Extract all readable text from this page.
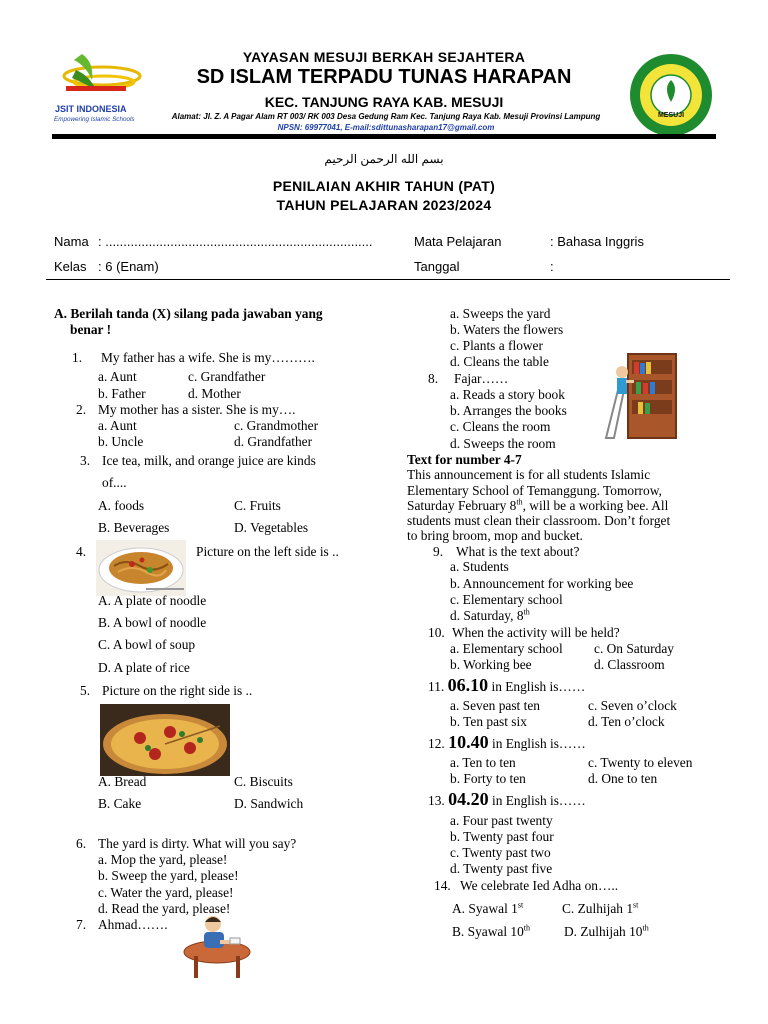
JSIT INDONESIA
Empowering Islamic Schools
YAYASAN MESUJI BERKAH SEJAHTERA
SD ISLAM TERPADU TUNAS HARAPAN
KEC. TANJUNG RAYA KAB. MESUJI
Alamat: Jl. Z. A Pagar Alam RT 003/ RK 003 Desa Gedung Ram Kec. Tanjung Raya Kab. Mesuji Provinsi Lampung
NPSN: 69977041, E-mail:sdittunasharapan17@gmail.com
MESUJI
بسم الله الرحمن الرحيم
PENILAIAN AKHIR TAHUN (PAT)
TAHUN PELAJARAN 2023/2024
Nama : ..........................................................................
Kelas : 6 (Enam)
Mata Pelajaran	: Bahasa Inggris
Tanggal	:
A. Berilah tanda (X) silang pada jawaban yang
benar !
1. My father has a wife. She is my……….
a. Aunt	c. Grandfather
b. Father	d. Mother
2. My mother has a sister. She is my….
a. Aunt	c. Grandmother
b. Uncle	d. Grandfather
3. Ice tea, milk, and orange juice are kinds
of....
A. foods	C. Fruits
B. Beverages	D. Vegetables
4.	Picture on the left side is ..
A. A plate of noodle
B. A bowl of noodle
C. A bowl of soup
D. A plate of rice
5. Picture on the right side is ..
A. Bread	C. Biscuits
B. Cake	D. Sandwich
6. The yard is dirty. What will you say?
a. Mop the yard, please!
b. Sweep the yard, please!
c. Water the yard, please!
d. Read the yard, please!
7. Ahmad…….
a. Sweeps the yard
b. Waters the flowers
c. Plants a flower
d. Cleans the table
8. Fajar……
a. Reads a story book
b. Arranges the books
c. Cleans the room
d. Sweeps the room
Text for number 4-7
This announcement is for all students Islamic
Elementary School of Temanggung. Tomorrow,
Saturday February 8th, will be a working bee. All
students must clean their classroom. Don’t forget
to bring broom, mop and bucket.
9. What is the text about?
a. Students
b. Announcement for working bee
c. Elementary school
d. Saturday, 8th
10. When the activity will be held?
a. Elementary school c. On Saturday
b. Working bee	d. Classroom
11. 06.10 in English is……
a. Seven past ten	c. Seven o’clock
b. Ten past six	d. Ten o’clock
12. 10.40 in English is……
a. Ten to ten	c. Twenty to eleven
b. Forty to ten	d. One to ten
13. 04.20 in English is……
a. Four past twenty
b. Twenty past four
c. Twenty past two
d. Twenty past five
14. We celebrate Ied Adha on…..
A. Syawal 1st	C. Zulhijah 1st
B. Syawal 10th	D. Zulhijah 10th
